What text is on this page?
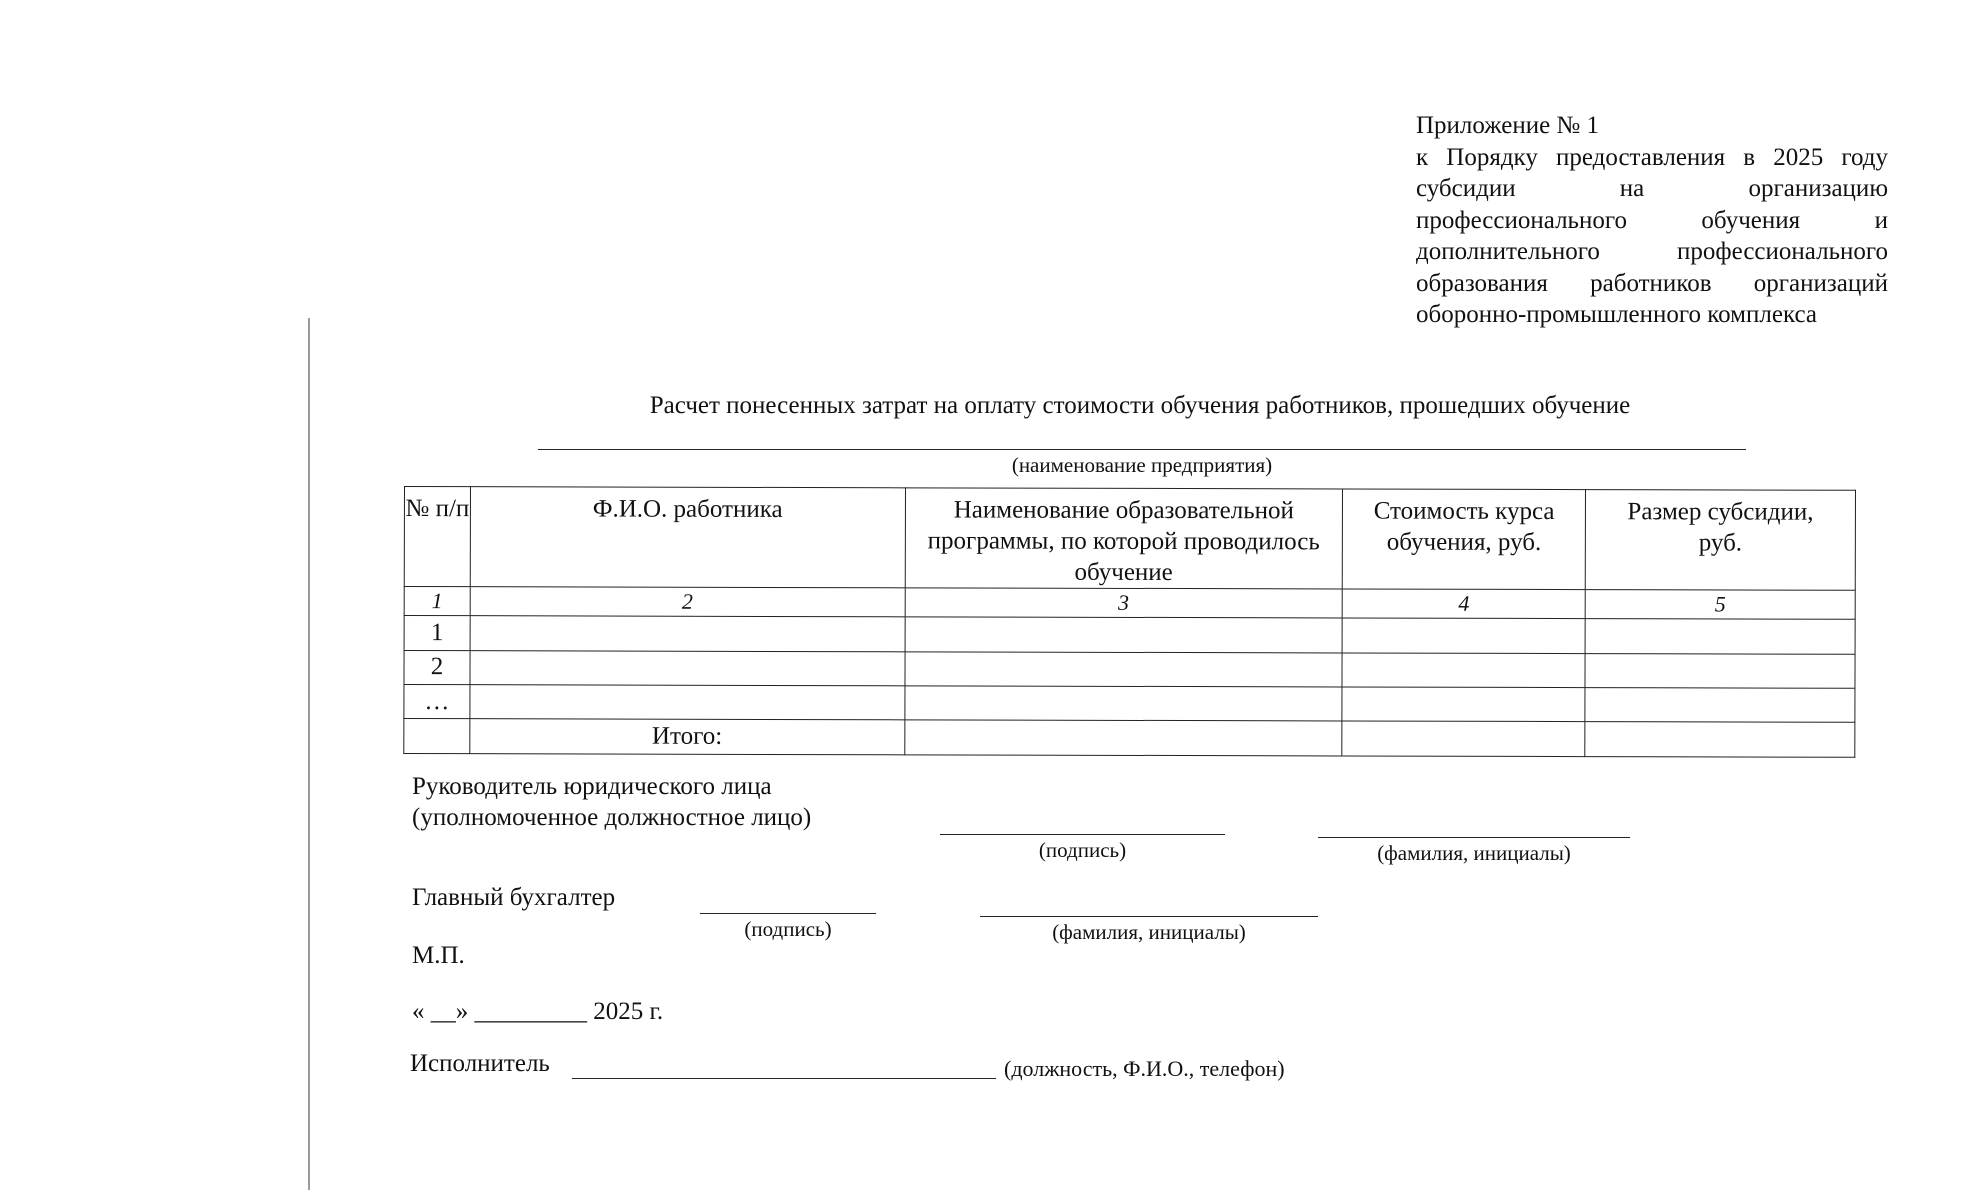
Приложение № 1
к Порядку предоставления в 2025 году
субсидии на организацию
профессионального обучения и
дополнительного профессионального
образования работников организаций
оборонно-промышленного комплекса
Расчет понесенных затрат на оплату стоимости обучения работников, прошедших обучение
(наименование предприятия)
№ п/п	Ф.И.О. работника	Наименование образовательной программы, по которой проводилось обучение	Стоимость курса обучения, руб.	Размер субсидии, руб.
1	2	3	4	5
1				
2				
…				
	Итого:			
Руководитель юридического лица
(уполномоченное должностное лицо)
(подпись)	(фамилия, инициалы)
Главный бухгалтер
(подпись)	(фамилия, инициалы)
М.П.
« __» _________ 2025 г.
Исполнитель	(должность, Ф.И.О., телефон)
